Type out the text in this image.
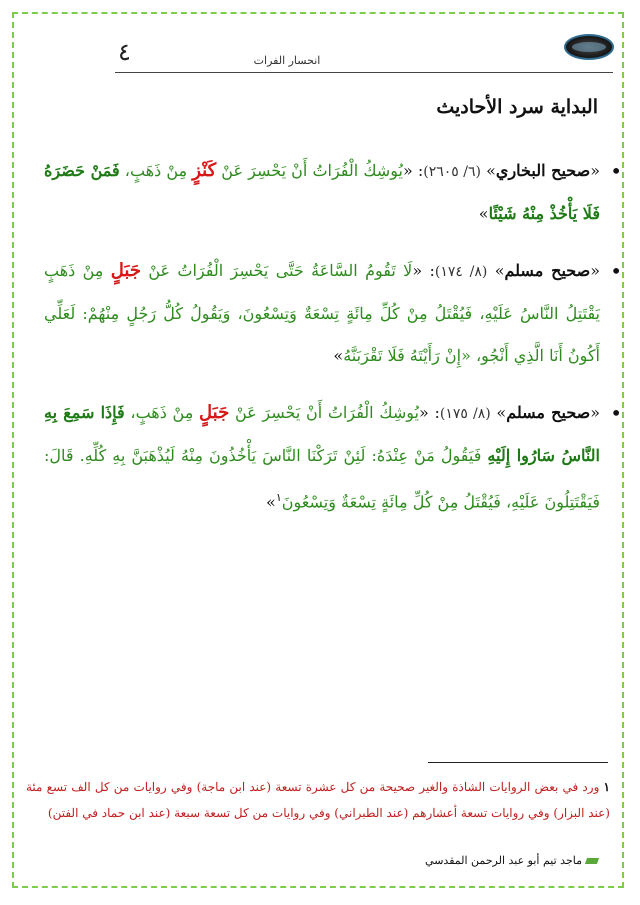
٤	انحسار الفرات
البداية سرد الأحاديث
•

«صحيح البخاري» (٦/ ٢٦٠٥): «يُوشِكُ الْفُرَاتُ أَنْ يَحْسِرَ عَنْ كَنْزٍ مِنْ ذَهَبٍ، فَمَنْ حَضَرَهُ فَلَا يَأْخُذْ مِنْهُ شَيْئًا»

•

«صحيح مسلم» (٨/ ١٧٤): «لَا تَقُومُ السَّاعَةُ حَتَّى يَحْسِرَ الْفُرَاتُ عَنْ جَبَلٍ مِنْ ذَهَبٍ يَقْتَتِلُ النَّاسُ عَلَيْهِ، فَيُقْتَلُ مِنْ كُلِّ مِائَةٍ تِسْعَةٌ وَتِسْعُونَ، وَيَقُولُ كُلُّ رَجُلٍ مِنْهُمْ: لَعَلِّي أَكُونُ أَنَا الَّذِي أَنْجُو، «إِنْ رَأَيْتَهُ فَلَا تَقْرَبَنَّهُ»

•

«صحيح مسلم» (٨/ ١٧٥): «يُوشِكُ الْفُرَاتُ أَنْ يَحْسِرَ عَنْ جَبَلٍ مِنْ ذَهَبٍ، فَإِذَا سَمِعَ بِهِ النَّاسُ سَارُوا إِلَيْهِ فَيَقُولُ مَنْ عِنْدَهُ: لَئِنْ تَرَكْنَا النَّاسَ يَأْخُذُونَ مِنْهُ لَيُذْهَبَنَّ بِهِ كُلِّهِ. قَالَ: فَيَقْتَتِلُونَ عَلَيْهِ، فَيُقْتَلُ مِنْ كُلِّ مِائَةٍ تِسْعَةٌ وَتِسْعُونَ$^١$»

١ ورد في بعض الروايات الشاذة والغير صحيحة من كل عشرة تسعة (عند ابن ماجة) وفي روايات من كل الف تسع مئة (عند البزار) وفي روايات تسعة أعشارهم (عند الطبراني) وفي روايات من كل تسعة سبعة (عند ابن حماد في الفتن)
ماجد تيم أبو عبد الرحمن المقدسي
